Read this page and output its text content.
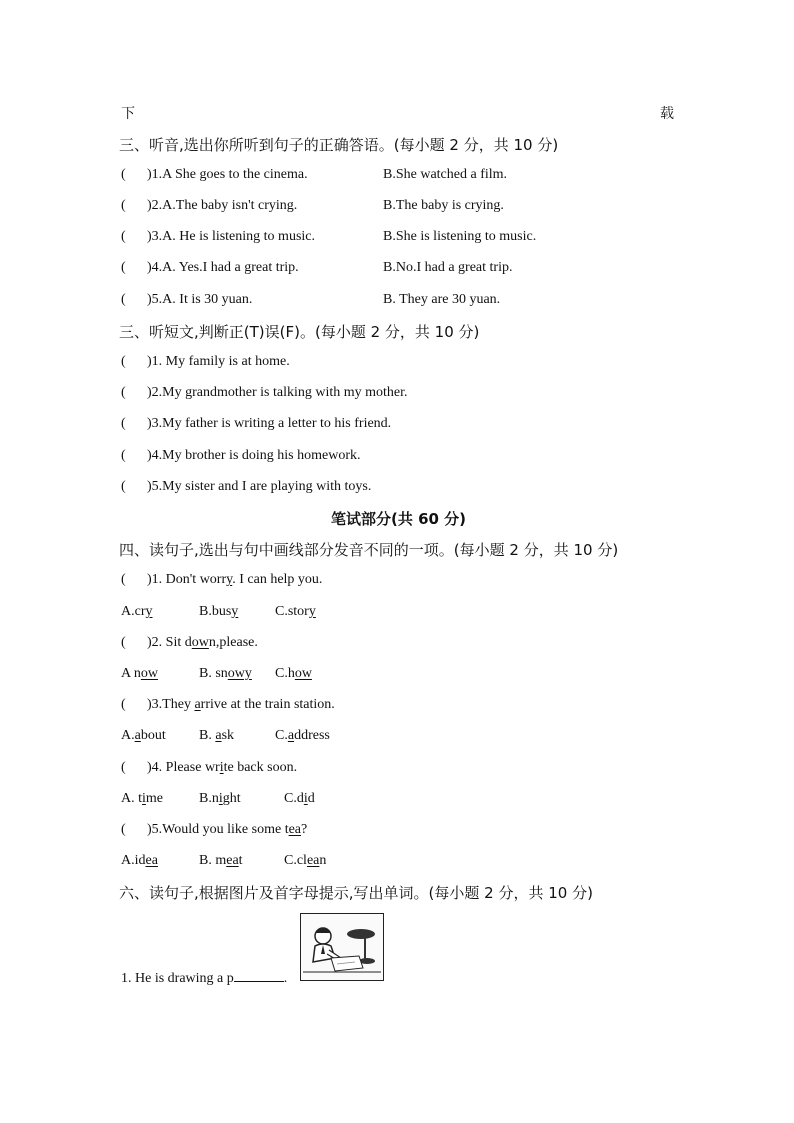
下	载
三、听音,选出你所听到句子的正确答语。(每小题 2 分，共 10 分)
( )1.A She goes to the cinema.	B.She watched a film.
( )2.A.The baby isn't crying.	B.The baby is crying.
( )3.A. He is listening to music.	B.She is listening to music.
( )4.A. Yes.I had a great trip.	B.No.I had a great trip.
( )5.A. It is 30 yuan.	B. They are 30 yuan.
三、听短文,判断正(T)误(F)。(每小题 2 分，共 10 分)
( )1. My family is at home.
( )2.My grandmother is talking with my mother.
( )3.My father is writing a letter to his friend.
( )4.My brother is doing his homework.
( )5.My sister and I are playing with toys.
笔试部分(共 60 分)
四、读句子,选出与句中画线部分发音不同的一项。(每小题 2 分，共 10 分)
( )1. Don't worry. I can help you.
A.cry	B.busy	C.story
( )2. Sit down,please.
A now	B. snowy C.how
( )3.They arrive at the train station.
A.about B. ask	C.address
( )4. Please write back soon.
A. time	B.night	C.did
( )5.Would you like some tea?
A.idea	B. meat	C.clean
六、读句子,根据图片及首字母提示,写出单词。(每小题 2 分，共 10 分)
1. He is drawing a p	.
